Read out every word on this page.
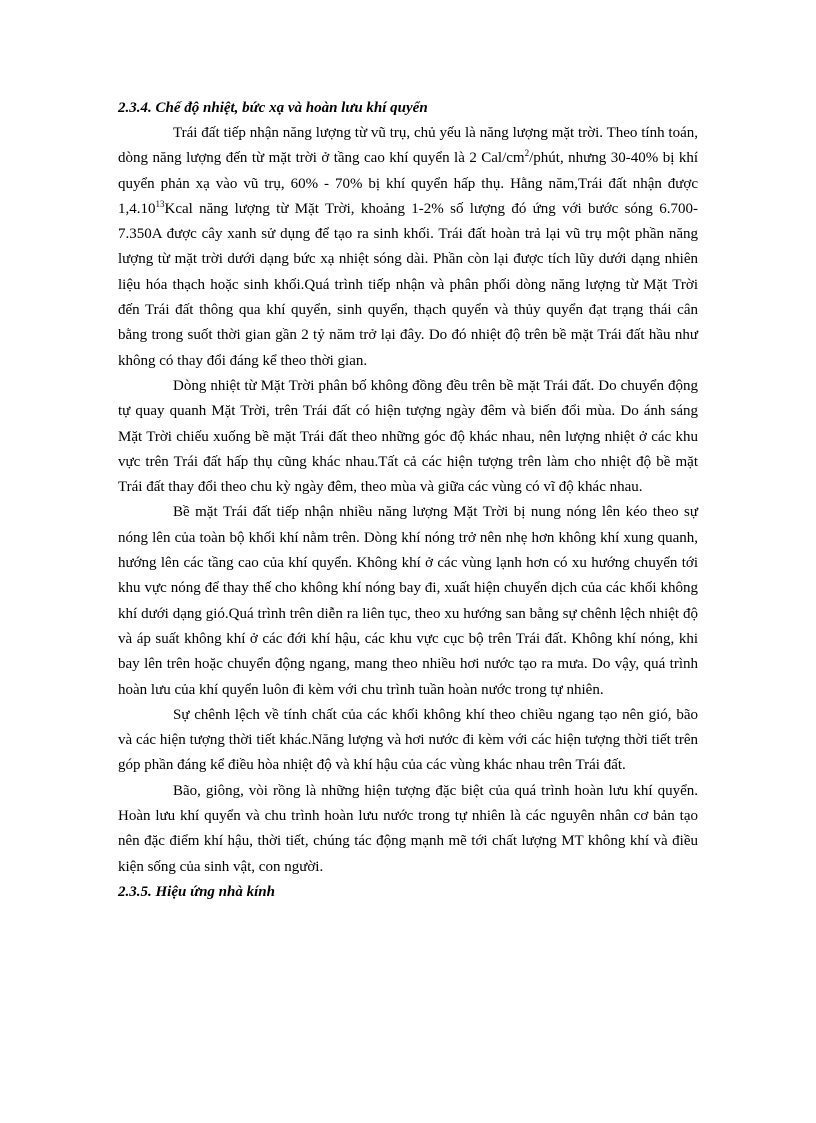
2.3.4. Chế độ nhiệt, bức xạ và hoàn lưu khí quyển

Trái đất tiếp nhận năng lượng từ vũ trụ, chủ yếu là năng lượng mặt trời. Theo tính toán, dòng năng lượng đến từ mặt trời ở tầng cao khí quyển là 2 Cal/$cm^2$/phút, nhưng 30-40% bị khí quyển phản xạ vào vũ trụ, 60% - 70% bị khí quyển hấp thụ. Hằng năm,Trái đất nhận được 1,4.10$^{13}$Kcal năng lượng từ Mặt Trời, khoảng 1-2% số lượng đó ứng với bước sóng 6.700- 7.350A được cây xanh sử dụng để tạo ra sinh khối. Trái đất hoàn trả lại vũ trụ một phần năng lượng từ mặt trời dưới dạng bức xạ nhiệt sóng dài. Phần còn lại được tích lũy dưới dạng nhiên liệu hóa thạch hoặc sinh khối.Quá trình tiếp nhận và phân phối dòng năng lượng từ Mặt Trời đến Trái đất thông qua khí quyển, sinh quyển, thạch quyển và thủy quyển đạt trạng thái cân bằng trong suốt thời gian gần 2 tỷ năm trở lại đây. Do đó nhiệt độ trên bề mặt Trái đất hầu như không có thay đổi đáng kể theo thời gian.

Dòng nhiệt từ Mặt Trời phân bố không đồng đều trên bề mặt Trái đất. Do chuyển động tự quay quanh Mặt Trời, trên Trái đất có hiện tượng ngày đêm và biến đổi mùa. Do ánh sáng Mặt Trời chiếu xuống bề mặt Trái đất theo những góc độ khác nhau, nên lượng nhiệt ở các khu vực trên Trái đất hấp thụ cũng khác nhau.Tất cả các hiện tượng trên làm cho nhiệt độ bề mặt Trái đất thay đổi theo chu kỳ ngày đêm, theo mùa và giữa các vùng có vĩ độ khác nhau.

Bề mặt Trái đất tiếp nhận nhiều năng lượng Mặt Trời bị nung nóng lên kéo theo sự nóng lên của toàn bộ khối khí nằm trên. Dòng khí nóng trở nên nhẹ hơn không khí xung quanh, hướng lên các tầng cao của khí quyển. Không khí ở các vùng lạnh hơn có xu hướng chuyển tới khu vực nóng để thay thế cho không khí nóng bay đi, xuất hiện chuyển dịch của các khối không khí dưới dạng gió.Quá trình trên diễn ra liên tục, theo xu hướng san bằng sự chênh lệch nhiệt độ và áp suất không khí ở các đới khí hậu, các khu vực cục bộ trên Trái đất. Không khí nóng, khi bay lên trên hoặc chuyển động ngang, mang theo nhiều hơi nước tạo ra mưa. Do vậy, quá trình hoàn lưu của khí quyển luôn đi kèm với chu trình tuần hoàn nước trong tự nhiên.

Sự chênh lệch về tính chất của các khối không khí theo chiều ngang tạo nên gió, bão và các hiện tượng thời tiết khác.Năng lượng và hơi nước đi kèm với các hiện tượng thời tiết trên góp phần đáng kể điều hòa nhiệt độ và khí hậu của các vùng khác nhau trên Trái đất.

Bão, giông, vòi rồng là những hiện tượng đặc biệt của quá trình hoàn lưu khí quyển. Hoàn lưu khí quyển và chu trình hoàn lưu nước trong tự nhiên là các nguyên nhân cơ bản tạo nên đặc điểm khí hậu, thời tiết, chúng tác động mạnh mẽ tới chất lượng MT không khí và điều kiện sống của sinh vật, con người.

2.3.5. Hiệu ứng nhà kính
